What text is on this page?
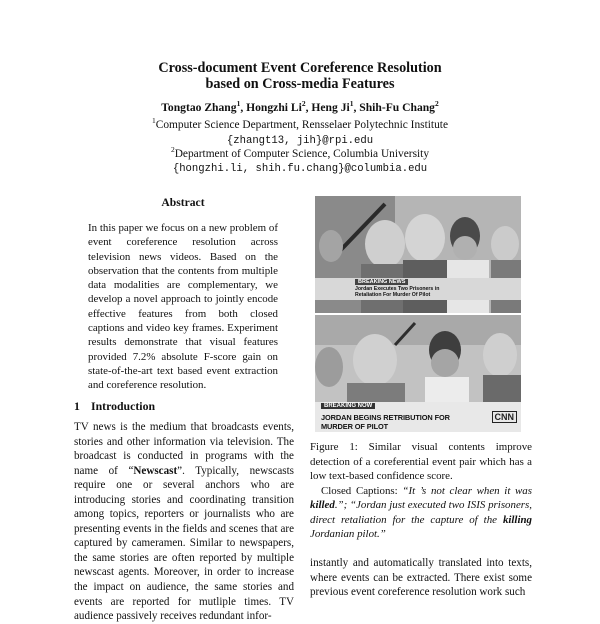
Cross-document Event Coreference Resolution
based on Cross-media Features
Tongtao Zhang$^1$, Hongzhi Li$^2$, Heng Ji$^1$, Shih-Fu Chang$^2$
$^1$Computer Science Department, Rensselaer Polytechnic Institute
{zhangt13, jih}@rpi.edu
$^2$Department of Computer Science, Columbia University
{hongzhi.li, shih.fu.chang}@columbia.edu
Abstract
In this paper we focus on a new problem of event coreference resolution across television news videos. Based on the observation that the contents from multiple data modalities are complementary, we develop a novel approach to jointly encode effective features from both closed captions and video key frames. Experiment results demonstrate that visual features provided 7.2% absolute F-score gain on state-of-the-art text based event extraction and coreference resolution.
1 Introduction
TV news is the medium that broadcasts events, stories and other information via television. The broadcast is conducted in programs with the name of “Newscast”. Typically, newscasts require one or several anchors who are introducing stories and coordinating transition among topics, reporters or journalists who are presenting events in the fields and scenes that are captured by cameramen. Similar to newspapers, the same stories are often reported by multiple newscast agents. Moreover, in order to increase the impact on audience, the same stories and events are reported for mutliple times. TV audience passively receives redundant infor-
BREAKING NEWS
Jordan Executes Two Prisoners in Retaliation For Murder Of Pilot
BREAKING NOW
JORDAN BEGINS RETRIBUTION FOR MURDER OF PILOT
CNN
Figure 1: Similar visual contents improve detection of a coreferential event pair which has a low text-based confidence score.
Closed Captions: “It ’s not clear when it was killed.”; “Jordan just executed two ISIS prisoners, direct retaliation for the capture of the killing Jordanian pilot.”
instantly and automatically translated into texts, where events can be extracted. There exist some previous event coreference resolution work such
